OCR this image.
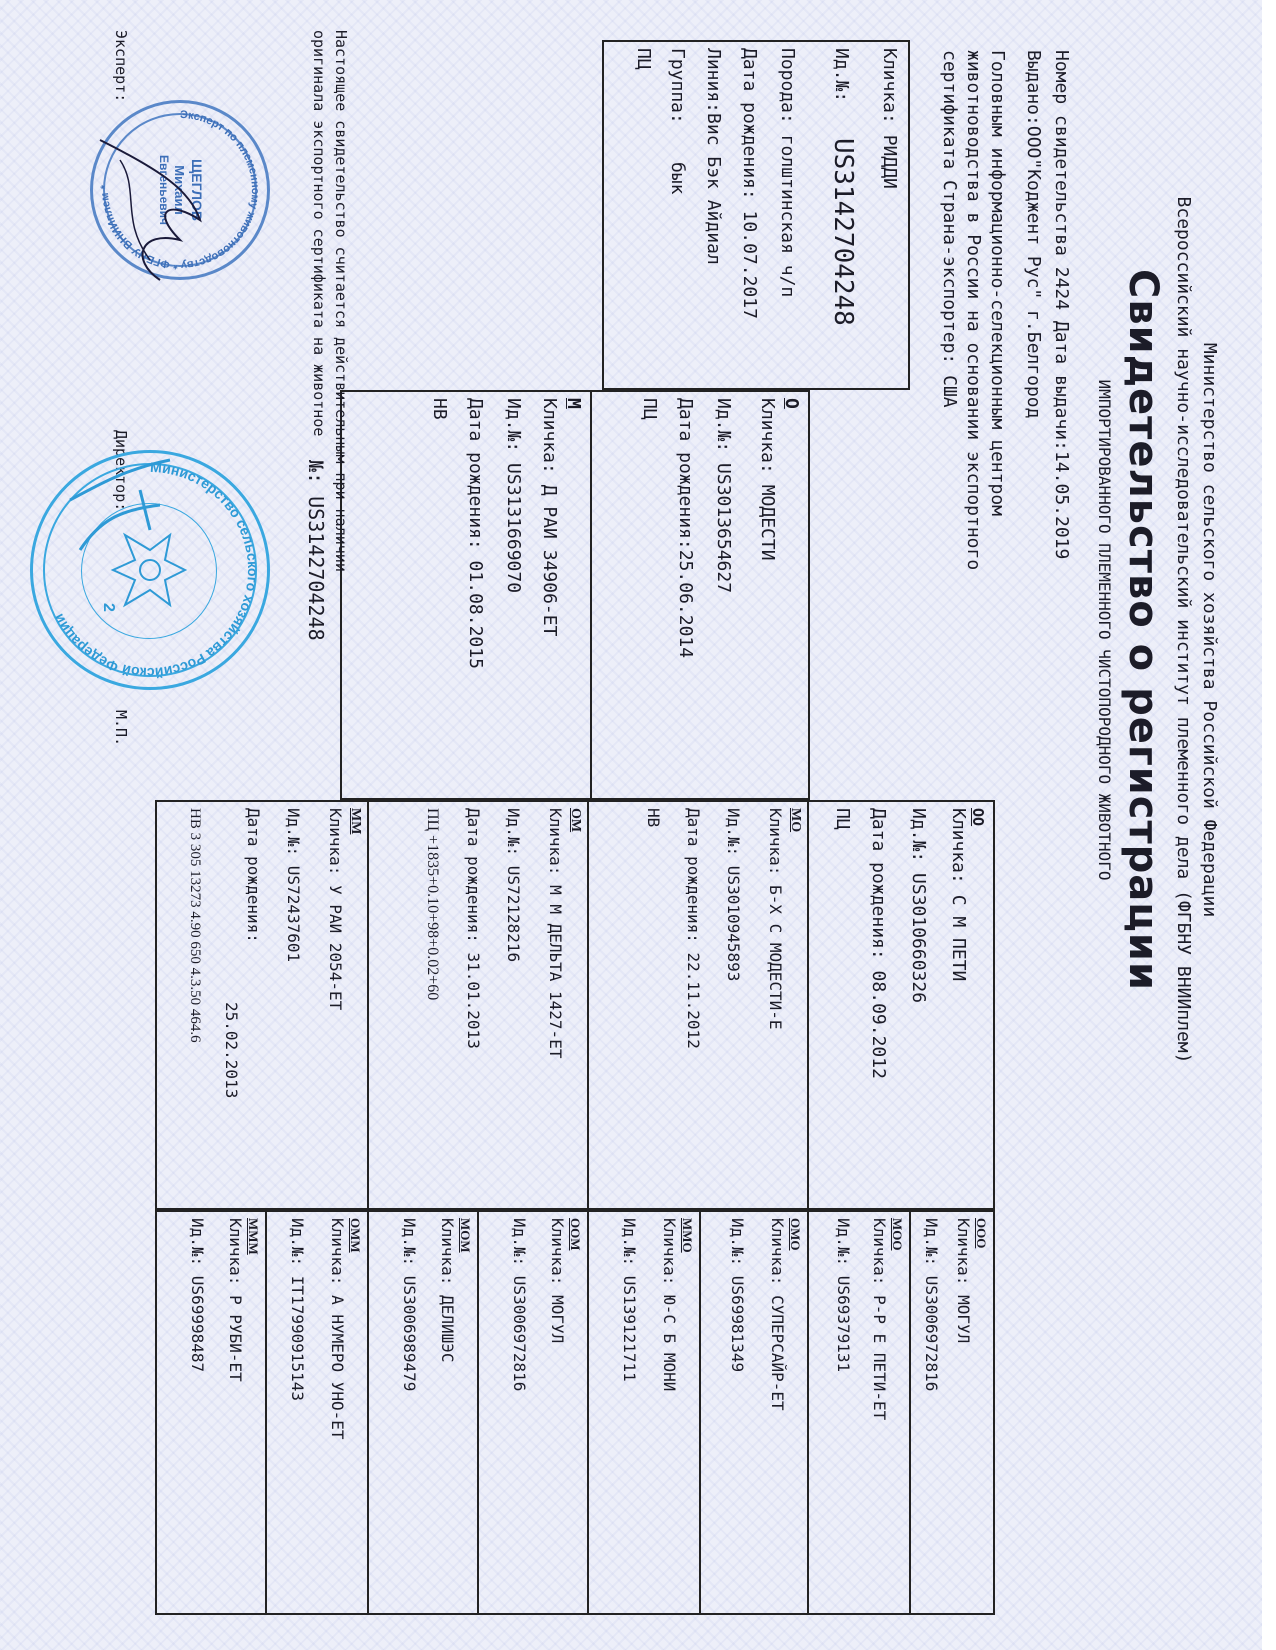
Министерство сельского хозяйства Российской Федерации
Всероссийский научно-исследовательский институт племенного дела (ФГБНУ ВНИИплем)
Свидетельство о регистрации
ИМПОРТИРОВАННОГО ПЛЕМЕННОГО ЧИСТОПОРОДНОГО ЖИВОТНОГО
Номер свидетельства 2424 Дата выдачи:14.05.2019
Выдано:ООО"Коджент Рус" г.Белгород
Головным информационно-селекционным центром
животноводства в России на основании экспортного
сертификата Страна-экспортер: США
Кличка: РИДДИ
Ид.№:
US3142704248
Порода: голштинская ч/п
Дата рождения: 10.07.2017
Линия:Вис Бэк Айдиал
Группа:
бык
ПЦ
О
Кличка: МОДЕСТИ
Ид.№: US3013654627
Дата рождения:25.06.2014
ПЦ
М
Кличка: Д РАИ 34906-ЕТ
Ид.№: US3131669070
Дата рождения: 01.08.2015
НВ
ОО
Кличка: С М ПЕТИ
Ид.№: US3010660326
Дата рождения: 08.09.2012
ПЦ
МО
Кличка: Б-Х С МОДЕСТИ-Е
Ид.№: US3010945893
Дата рождения: 22.11.2012
НВ
ОМ
Кличка: М М ДЕЛЬТА 1427-ЕТ
Ид.№: US72128216
Дата рождения: 31.01.2013
ПЦ +1835+0.10+98+0.02+60
ММ
Кличка: У РАИ 2054-ЕТ
Ид.№: US72437601
Дата рождения:
25.02.2013
НВ 3 305 13273 4.90 650 4.3.50 464.6
ООО
Кличка: МОГУЛ
Ид.№: US3006972816
МОО
Кличка: Р-Р Е ПЕТИ-ЕТ
Ид.№: US69379131
ОМО
Кличка: СУПЕРСАЙР-ЕТ
Ид.№: US69981349
ММО
Кличка: Ю-С Б МОНИ
Ид.№: US139121711
ООМ
Кличка: МОГУЛ
Ид.№: US3006972816
МОМ
Кличка: ДЕЛИШЭС
Ид.№: US3006989479
ОММ
Кличка: А НУМЕРО УНО-ЕТ
Ид.№: IT17990915143
МММ
Кличка: Р РУБИ-ЕТ
Ид.№: US69998487
Настоящее свидетельство считается действительным при наличии
оригинала экспортного сертификата на животное
№: US3142704248
Эксперт:
Директор:
М.П.
Эксперт по племенному животноводству * ФГБНУ ВНИИплем *	ЩЕГЛОВ
Михаил
Евгеньевич
Министерство сельского хозяйства Российской Федерации
2
